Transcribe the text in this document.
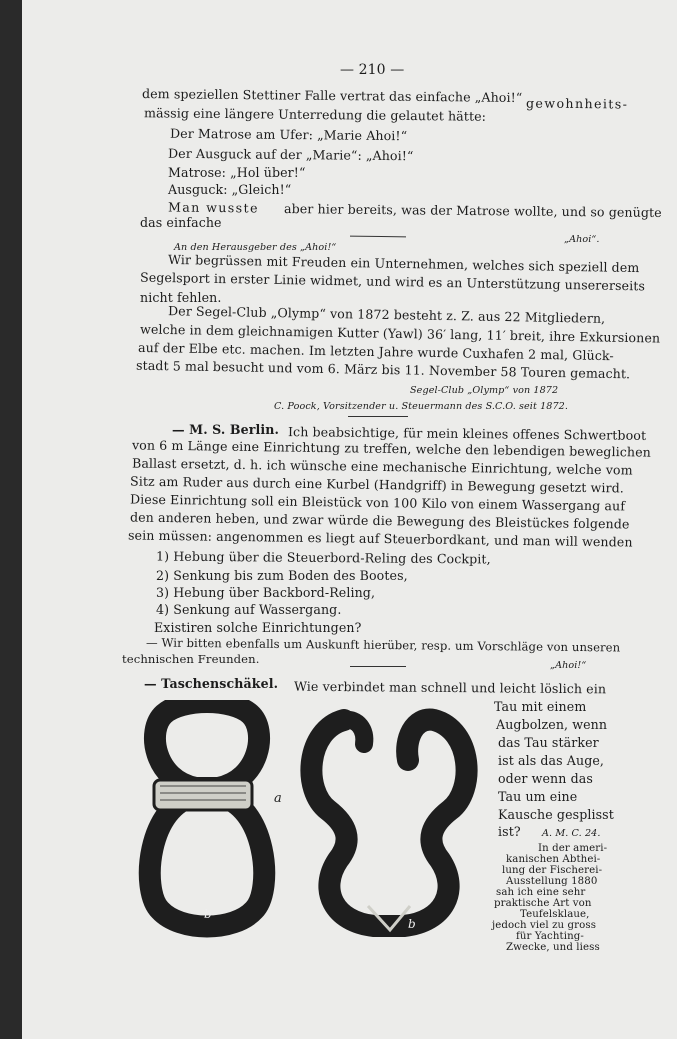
— 210 —
dem speziellen Stettiner Falle vertrat das einfache „Ahoi!“ gewohnheits-
mässig eine längere Unterredung die gelautet hätte:
Der Matrose am Ufer: „Marie Ahoi!“
Der Ausguck auf der „Marie“: „Ahoi!“
Matrose: „Hol über!“
Ausguck: „Gleich!“
Man wusste aber hier bereits, was der Matrose wollte, und so genügte
das einfache
„Ahoi“.
An den Herausgeber des „Ahoi!“
Wir begrüssen mit Freuden ein Unternehmen, welches sich speziell dem
Segelsport in erster Linie widmet, und wird es an Unterstützung unsererseits
nicht fehlen.
Der Segel-Club „Olymp“ von 1872 besteht z. Z. aus 22 Mitgliedern,
welche in dem gleichnamigen Kutter (Yawl) 36′ lang, 11′ breit, ihre Exkursionen
auf der Elbe etc. machen. Im letzten Jahre wurde Cuxhafen 2 mal, Glück-
stadt 5 mal besucht und vom 6. März bis 11. November 58 Touren gemacht.
Segel-Club „Olymp“ von 1872
C. Poock, Vorsitzender u. Steuermann des S.C.O. seit 1872.
— M. S. Berlin. Ich beabsichtige, für mein kleines offenes Schwertboot
von 6 m Länge eine Einrichtung zu treffen, welche den lebendigen beweglichen
Ballast ersetzt, d. h. ich wünsche eine mechanische Einrichtung, welche vom
Sitz am Ruder aus durch eine Kurbel (Handgriff) in Bewegung gesetzt wird.
Diese Einrichtung soll ein Bleistück von 100 Kilo von einem Wassergang auf
den anderen heben, und zwar würde die Bewegung des Bleistückes folgende
sein müssen: angenommen es liegt auf Steuerbordkant, und man will wenden
1) Hebung über die Steuerbord-Reling des Cockpit,
2) Senkung bis zum Boden des Bootes,
3) Hebung über Backbord-Reling,
4) Senkung auf Wassergang.
Existiren solche Einrichtungen?
— Wir bitten ebenfalls um Auskunft hierüber, resp. um Vorschläge von unseren
technischen Freunden.	„Ahoi!“
— Taschenschäkel. Wie verbindet man schnell und leicht löslich ein
Tau mit einem
Augbolzen, wenn
das Tau stärker
ist als das Auge,
oder wenn das
Tau um eine
Kausche gesplisst
ist? A. M. C. 24.
In der ameri-
kanischen Abthei-
lung der Fischerei-
Ausstellung 1880
sah ich eine sehr
praktische Art von
Teufelsklaue,
jedoch viel zu gross
für Yachting-
Zwecke, und liess
a
b
b
